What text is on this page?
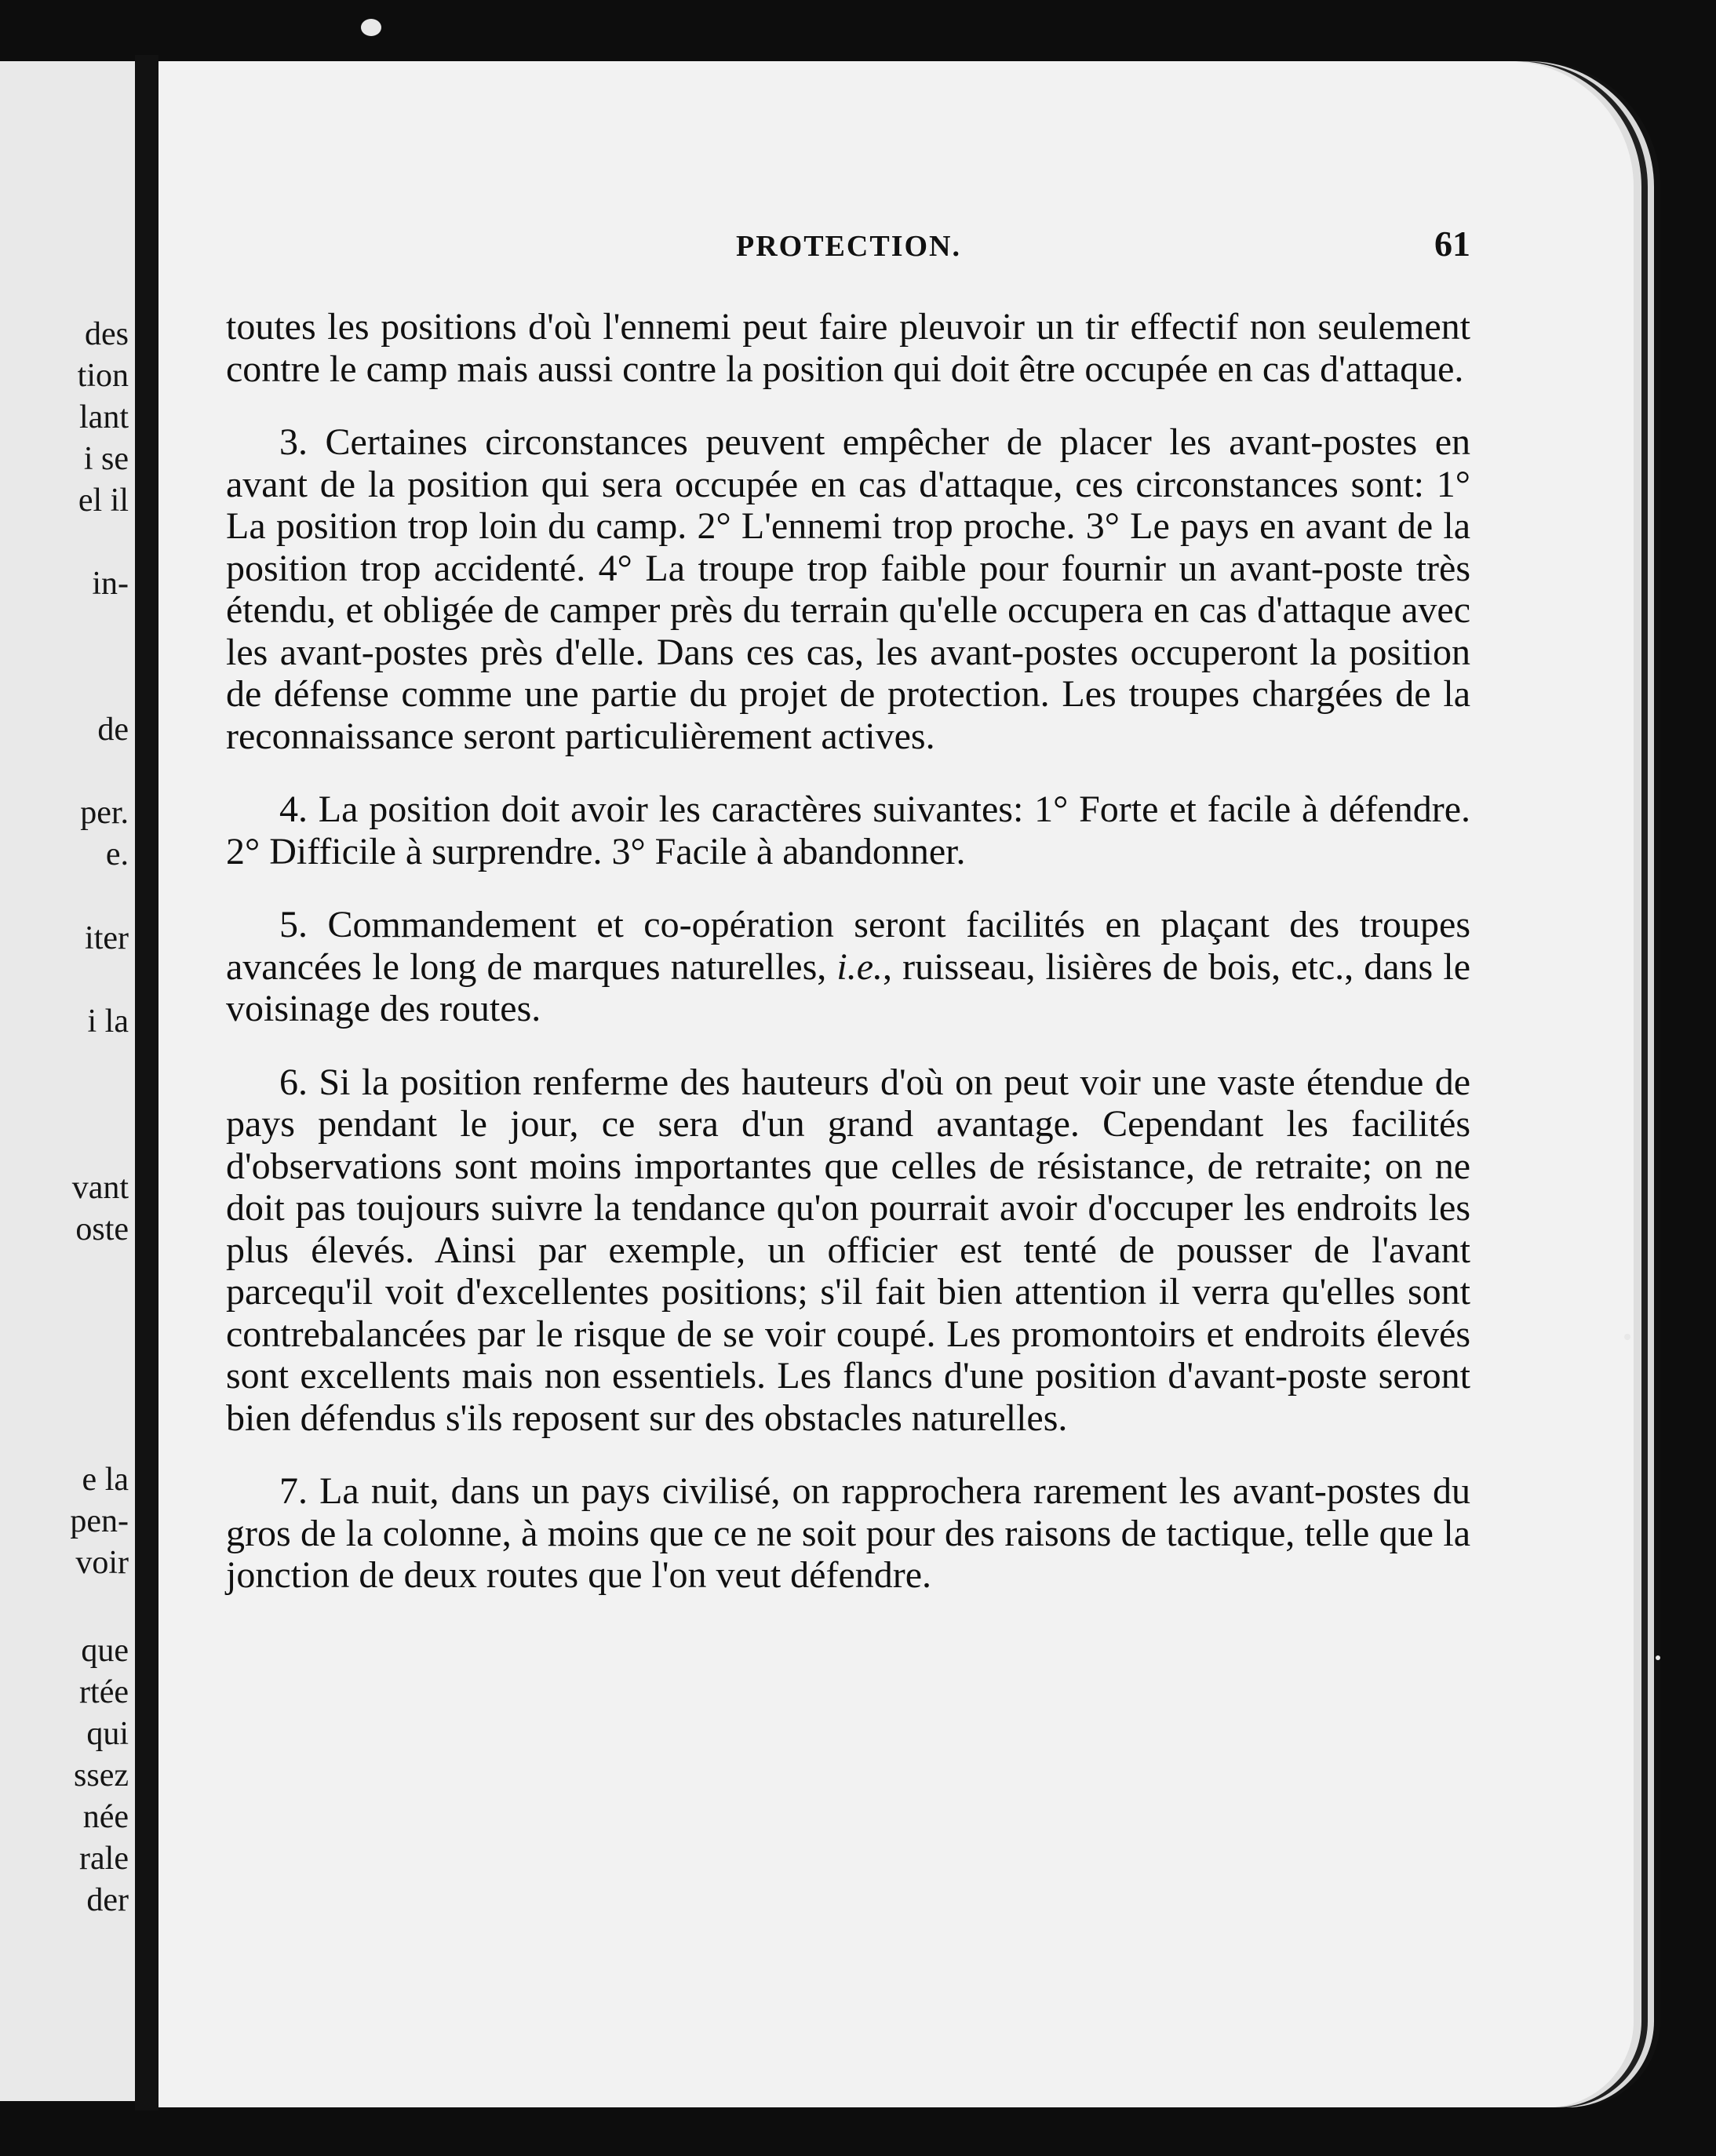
des
tion
lant
i se
el il
in-
de
per.
e.
iter
i la
vant
oste
e la
pen-
voir
que
rtée
qui
ssez
née
rale
der
PROTECTION.	61

toutes les positions d'où l'ennemi peut faire pleuvoir un tir effectif non seulement contre le camp mais aussi contre la position qui doit être occupée en cas d'attaque.

3. Certaines circonstances peuvent empêcher de placer les avant-postes en avant de la position qui sera occupée en cas d'attaque, ces circonstances sont: 1° La position trop loin du camp. 2° L'ennemi trop proche. 3° Le pays en avant de la position trop accidenté. 4° La troupe trop faible pour fournir un avant-poste très étendu, et obligée de camper près du terrain qu'elle occupera en cas d'attaque avec les avant-postes près d'elle. Dans ces cas, les avant-postes occuperont la position de défense comme une partie du projet de protection. Les troupes chargées de la reconnaissance seront particulièrement actives.

4. La position doit avoir les caractères suivantes: 1° Forte et facile à défendre. 2° Difficile à surprendre. 3° Facile à abandonner.

5. Commandement et co-opération seront facilités en plaçant des troupes avancées le long de marques naturelles, i.e., ruisseau, lisières de bois, etc., dans le voisinage des routes.

6. Si la position renferme des hauteurs d'où on peut voir une vaste étendue de pays pendant le jour, ce sera d'un grand avantage. Cependant les facilités d'observations sont moins importantes que celles de résistance, de retraite; on ne doit pas toujours suivre la tendance qu'on pourrait avoir d'occuper les endroits les plus élevés. Ainsi par exemple, un officier est tenté de pousser de l'avant parcequ'il voit d'excellentes positions; s'il fait bien attention il verra qu'elles sont contrebalancées par le risque de se voir coupé. Les promontoirs et endroits élevés sont excellents mais non essentiels. Les flancs d'une position d'avant-poste seront bien défendus s'ils reposent sur des obstacles naturelles.

7. La nuit, dans un pays civilisé, on rapprochera rarement les avant-postes du gros de la colonne, à moins que ce ne soit pour des raisons de tactique, telle que la jonction de deux routes que l'on veut défendre.
